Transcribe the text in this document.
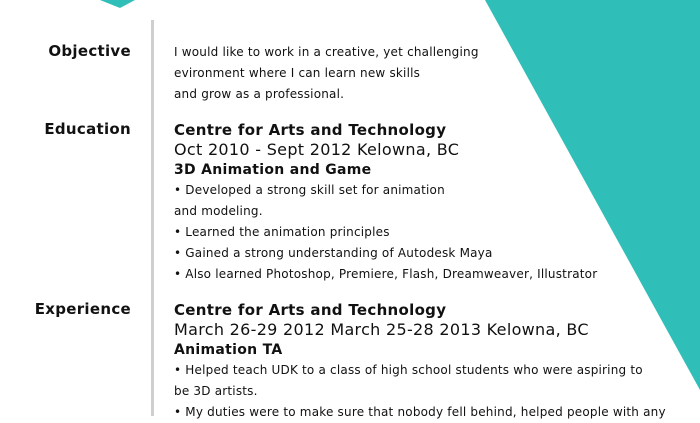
Objective	I would like to work in a creative, yet challenging
evironment where I can learn new skills
and grow as a professional.
Education	Centre for Arts and Technology
Oct 2010 - Sept 2012 Kelowna, BC
3D Animation and Game
• Developed a strong skill set for animation
and modeling.
• Learned the animation principles
• Gained a strong understanding of Autodesk Maya
• Also learned Photoshop, Premiere, Flash, Dreamweaver, Illustrator
Experience	Centre for Arts and Technology
March 26-29 2012 March 25-28 2013 Kelowna, BC
Animation TA
• Helped teach UDK to a class of high school students who were aspiring to
be 3D artists.
• My duties were to make sure that nobody fell behind, helped people with any
